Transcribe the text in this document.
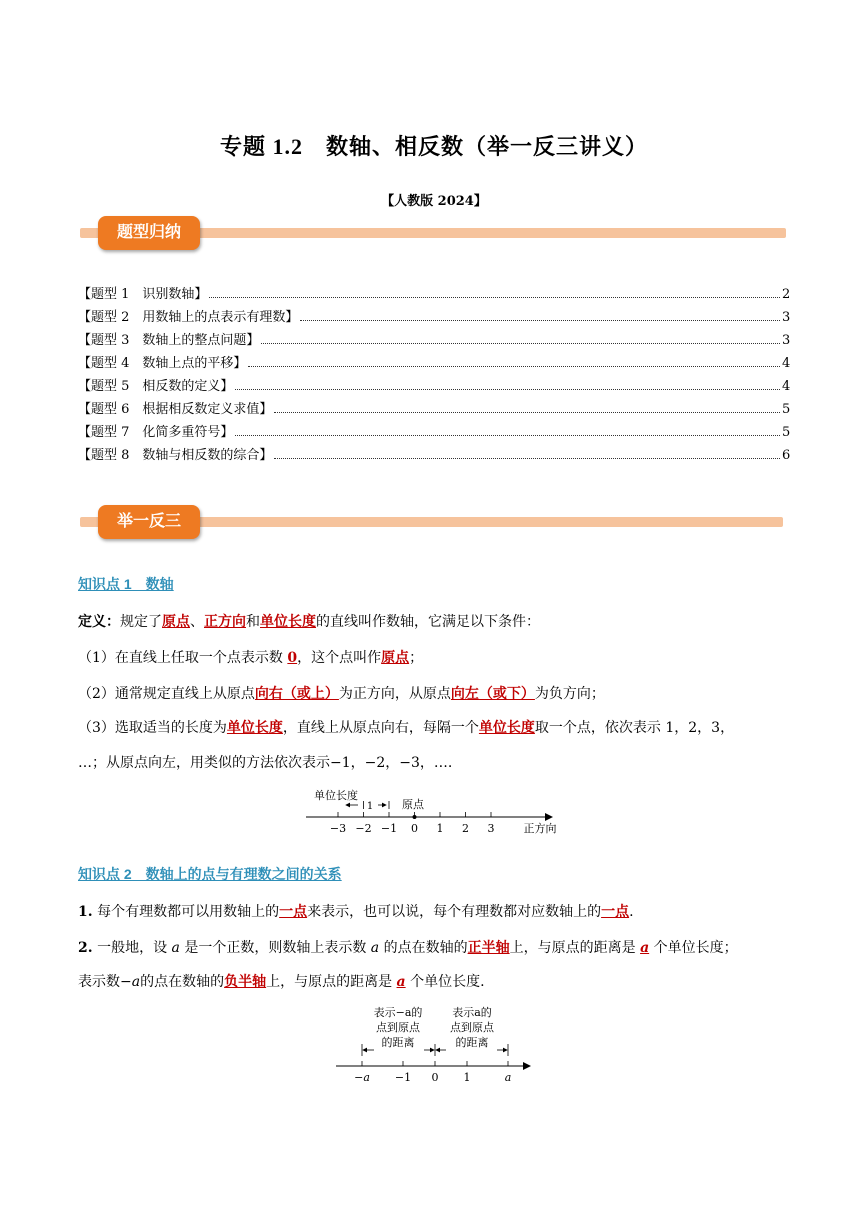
专题 1.2　数轴、相反数（举一反三讲义）
【人教版 2024】
题型归纳
【题型 1　识别数轴】	2
【题型 2　用数轴上的点表示有理数】	3
【题型 3　数轴上的整点问题】	3
【题型 4　数轴上点的平移】	4
【题型 5　相反数的定义】	4
【题型 6　根据相反数定义求值】	5
【题型 7　化简多重符号】	5
【题型 8　数轴与相反数的综合】	6
举一反三
知识点 1　数轴
定义：规定了原点、正方向和单位长度的直线叫作数轴，它满足以下条件：
（1）在直线上任取一个点表示数 0，这个点叫作原点；
（2）通常规定直线上从原点向右（或上）为正方向，从原点向左（或下）为负方向；
（3）选取适当的长度为单位长度，直线上从原点向右，每隔一个单位长度取一个点，依次表示 1，2，3，
…；从原点向左，用类似的方法依次表示−1，−2，−3，….
单位长度
1	原点
−3 −2 −1 0 1 2 3	正方向
知识点 2　数轴上的点与有理数之间的关系
1. 每个有理数都可以用数轴上的一点来表示，也可以说，每个有理数都对应数轴上的一点.
2. 一般地，设 a 是一个正数，则数轴上表示数 a 的点在数轴的正半轴上，与原点的距离是 a 个单位长度；
表示数−a的点在数轴的负半轴上，与原点的距离是 a 个单位长度.
表示−a的
点到原点
的距离
表示a的
点到原点
的距离
−a −1 0 1	a
